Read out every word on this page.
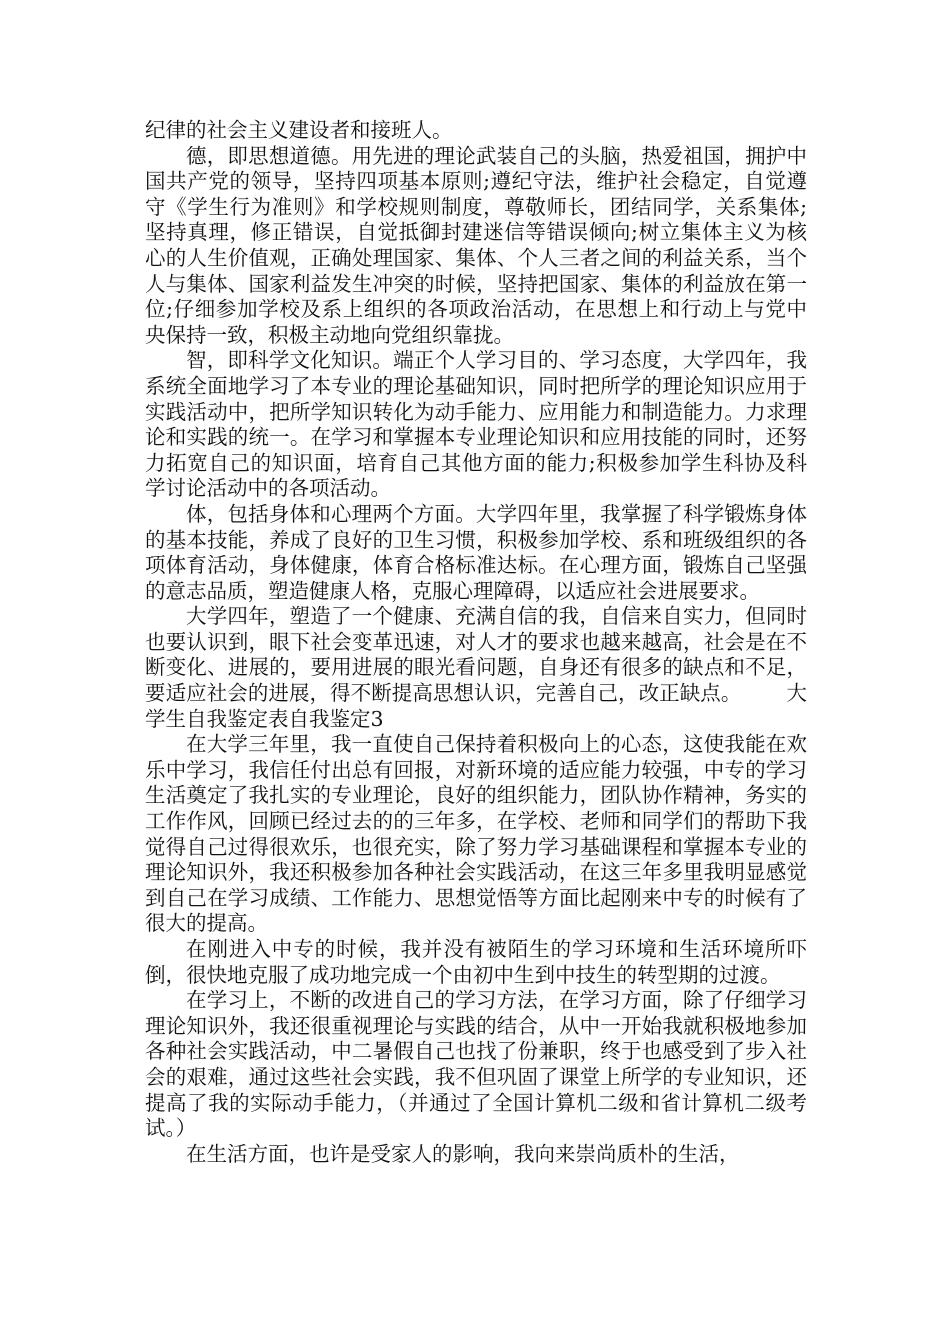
纪律的社会主义建设者和接班人。

德，即思想道德。用先进的理论武装自己的头脑，热爱祖国，拥护中国共产党的领导，坚持四项基本原则;遵纪守法，维护社会稳定，自觉遵守《学生行为准则》和学校规则制度，尊敬师长，团结同学，关系集体;坚持真理，修正错误，自觉抵御封建迷信等错误倾向;树立集体主义为核心的人生价值观，正确处理国家、集体、个人三者之间的利益关系，当个人与集体、国家利益发生冲突的时候，坚持把国家、集体的利益放在第一位;仔细参加学校及系上组织的各项政治活动，在思想上和行动上与党中央保持一致，积极主动地向党组织靠拢。

智，即科学文化知识。端正个人学习目的、学习态度，大学四年，我系统全面地学习了本专业的理论基础知识，同时把所学的理论知识应用于实践活动中，把所学知识转化为动手能力、应用能力和制造能力。力求理论和实践的统一。在学习和掌握本专业理论知识和应用技能的同时，还努力拓宽自己的知识面，培育自己其他方面的能力;积极参加学生科协及科学讨论活动中的各项活动。

体，包括身体和心理两个方面。大学四年里，我掌握了科学锻炼身体的基本技能，养成了良好的卫生习惯，积极参加学校、系和班级组织的各项体育活动，身体健康，体育合格标准达标。在心理方面，锻炼自己坚强的意志品质，塑造健康人格，克服心理障碍，以适应社会进展要求。

大学四年，塑造了一个健康、充满自信的我，自信来自实力，但同时也要认识到，眼下社会变革迅速，对人才的要求也越来越高，社会是在不断变化、进展的，要用进展的眼光看问题，自身还有很多的缺点和不足，要适应社会的进展，得不断提高思想认识，完善自己，改正缺点。 大学生自我鉴定表自我鉴定3

在大学三年里，我一直使自己保持着积极向上的心态，这使我能在欢乐中学习，我信任付出总有回报，对新环境的适应能力较强，中专的学习生活奠定了我扎实的专业理论，良好的组织能力，团队协作精神，务实的工作作风，回顾已经过去的的三年多，在学校、老师和同学们的帮助下我觉得自己过得很欢乐，也很充实，除了努力学习基础课程和掌握本专业的理论知识外，我还积极参加各种社会实践活动，在这三年多里我明显感觉到自己在学习成绩、工作能力、思想觉悟等方面比起刚来中专的时候有了很大的提高。

在刚进入中专的时候，我并没有被陌生的学习环境和生活环境所吓倒，很快地克服了成功地完成一个由初中生到中技生的转型期的过渡。

在学习上，不断的改进自己的学习方法，在学习方面，除了仔细学习理论知识外，我还很重视理论与实践的结合，从中一开始我就积极地参加各种社会实践活动，中二暑假自己也找了份兼职，终于也感受到了步入社会的艰难，通过这些社会实践，我不但巩固了课堂上所学的专业知识，还提高了我的实际动手能力，（并通过了全国计算机二级和省计算机二级考试。）

在生活方面，也许是受家人的影响，我向来崇尚质朴的生活，
